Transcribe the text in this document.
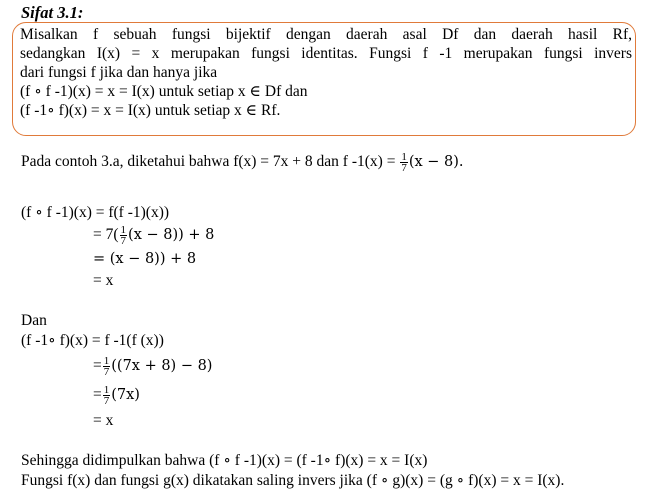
Sifat 3.1:
Misalkan f sebuah fungsi bijektif dengan daerah asal Df dan daerah hasil Rf,
sedangkan I(x) = x merupakan fungsi identitas. Fungsi f -1 merupakan fungsi invers
dari fungsi f jika dan hanya jika
(f ∘ f -1)(x) = x = I(x) untuk setiap x ∈ Df dan
(f -1∘ f)(x) = x = I(x) untuk setiap x ∈ Rf.
Pada contoh 3.a, diketahui bahwa f(x) = 7x + 8 dan f $-1(x) = \frac{1}{7} (x - 8)$.
(f ∘ f -1)(x) = f(f -1)(x))
= $7( \frac{1}{7} (x - 8)) + 8$
= (x − 8)) + 8
= x
Dan
(f -1∘ f)(x) = f -1(f (x))
= $\frac{1}{7} ((7x + 8) - 8)$
= $\frac{1}{7} (7x)$
= x
Sehingga didimpulkan bahwa (f ∘ f -1)(x) = (f -1∘ f)(x) = x = I(x)
Fungsi f(x) dan fungsi g(x) dikatakan saling invers jika (f ∘ g)(x) = (g ∘ f)(x) = x = I(x).
